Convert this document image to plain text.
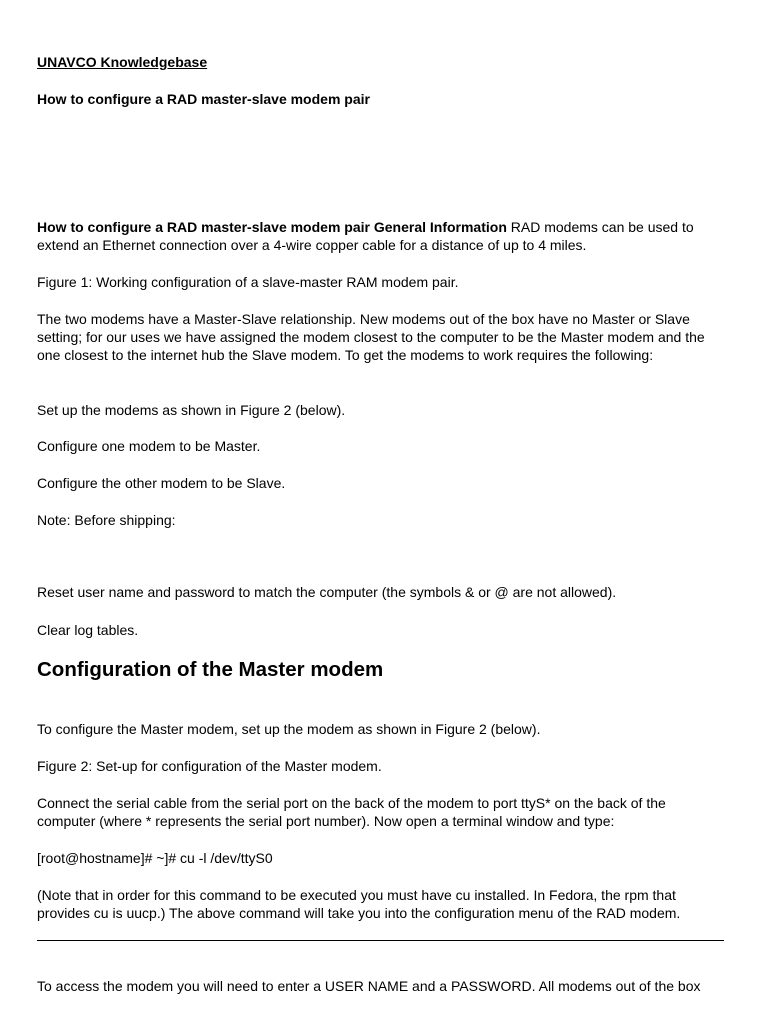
UNAVCO Knowledgebase

How to configure a RAD master-slave modem pair

How to configure a RAD master-slave modem pair General Information RAD modems can be used to extend an Ethernet connection over a 4-wire copper cable for a distance of up to 4 miles.

Figure 1: Working configuration of a slave-master RAM modem pair.

The two modems have a Master-Slave relationship. New modems out of the box have no Master or Slave setting; for our uses we have assigned the modem closest to the computer to be the Master modem and the one closest to the internet hub the Slave modem. To get the modems to work requires the following:

Set up the modems as shown in Figure 2 (below).

Configure one modem to be Master.

Configure the other modem to be Slave.

Note: Before shipping:

Reset user name and password to match the computer (the symbols & or @ are not allowed).

Clear log tables.

Configuration of the Master modem

To configure the Master modem, set up the modem as shown in Figure 2 (below).

Figure 2: Set-up for configuration of the Master modem.

Connect the serial cable from the serial port on the back of the modem to port ttyS* on the back of the computer (where * represents the serial port number). Now open a terminal window and type:

[root@hostname]# ~]# cu -l /dev/ttyS0

(Note that in order for this command to be executed you must have cu installed. In Fedora, the rpm that provides cu is uucp.) The above command will take you into the configuration menu of the RAD modem.

To access the modem you will need to enter a USER NAME and a PASSWORD. All modems out of the box
